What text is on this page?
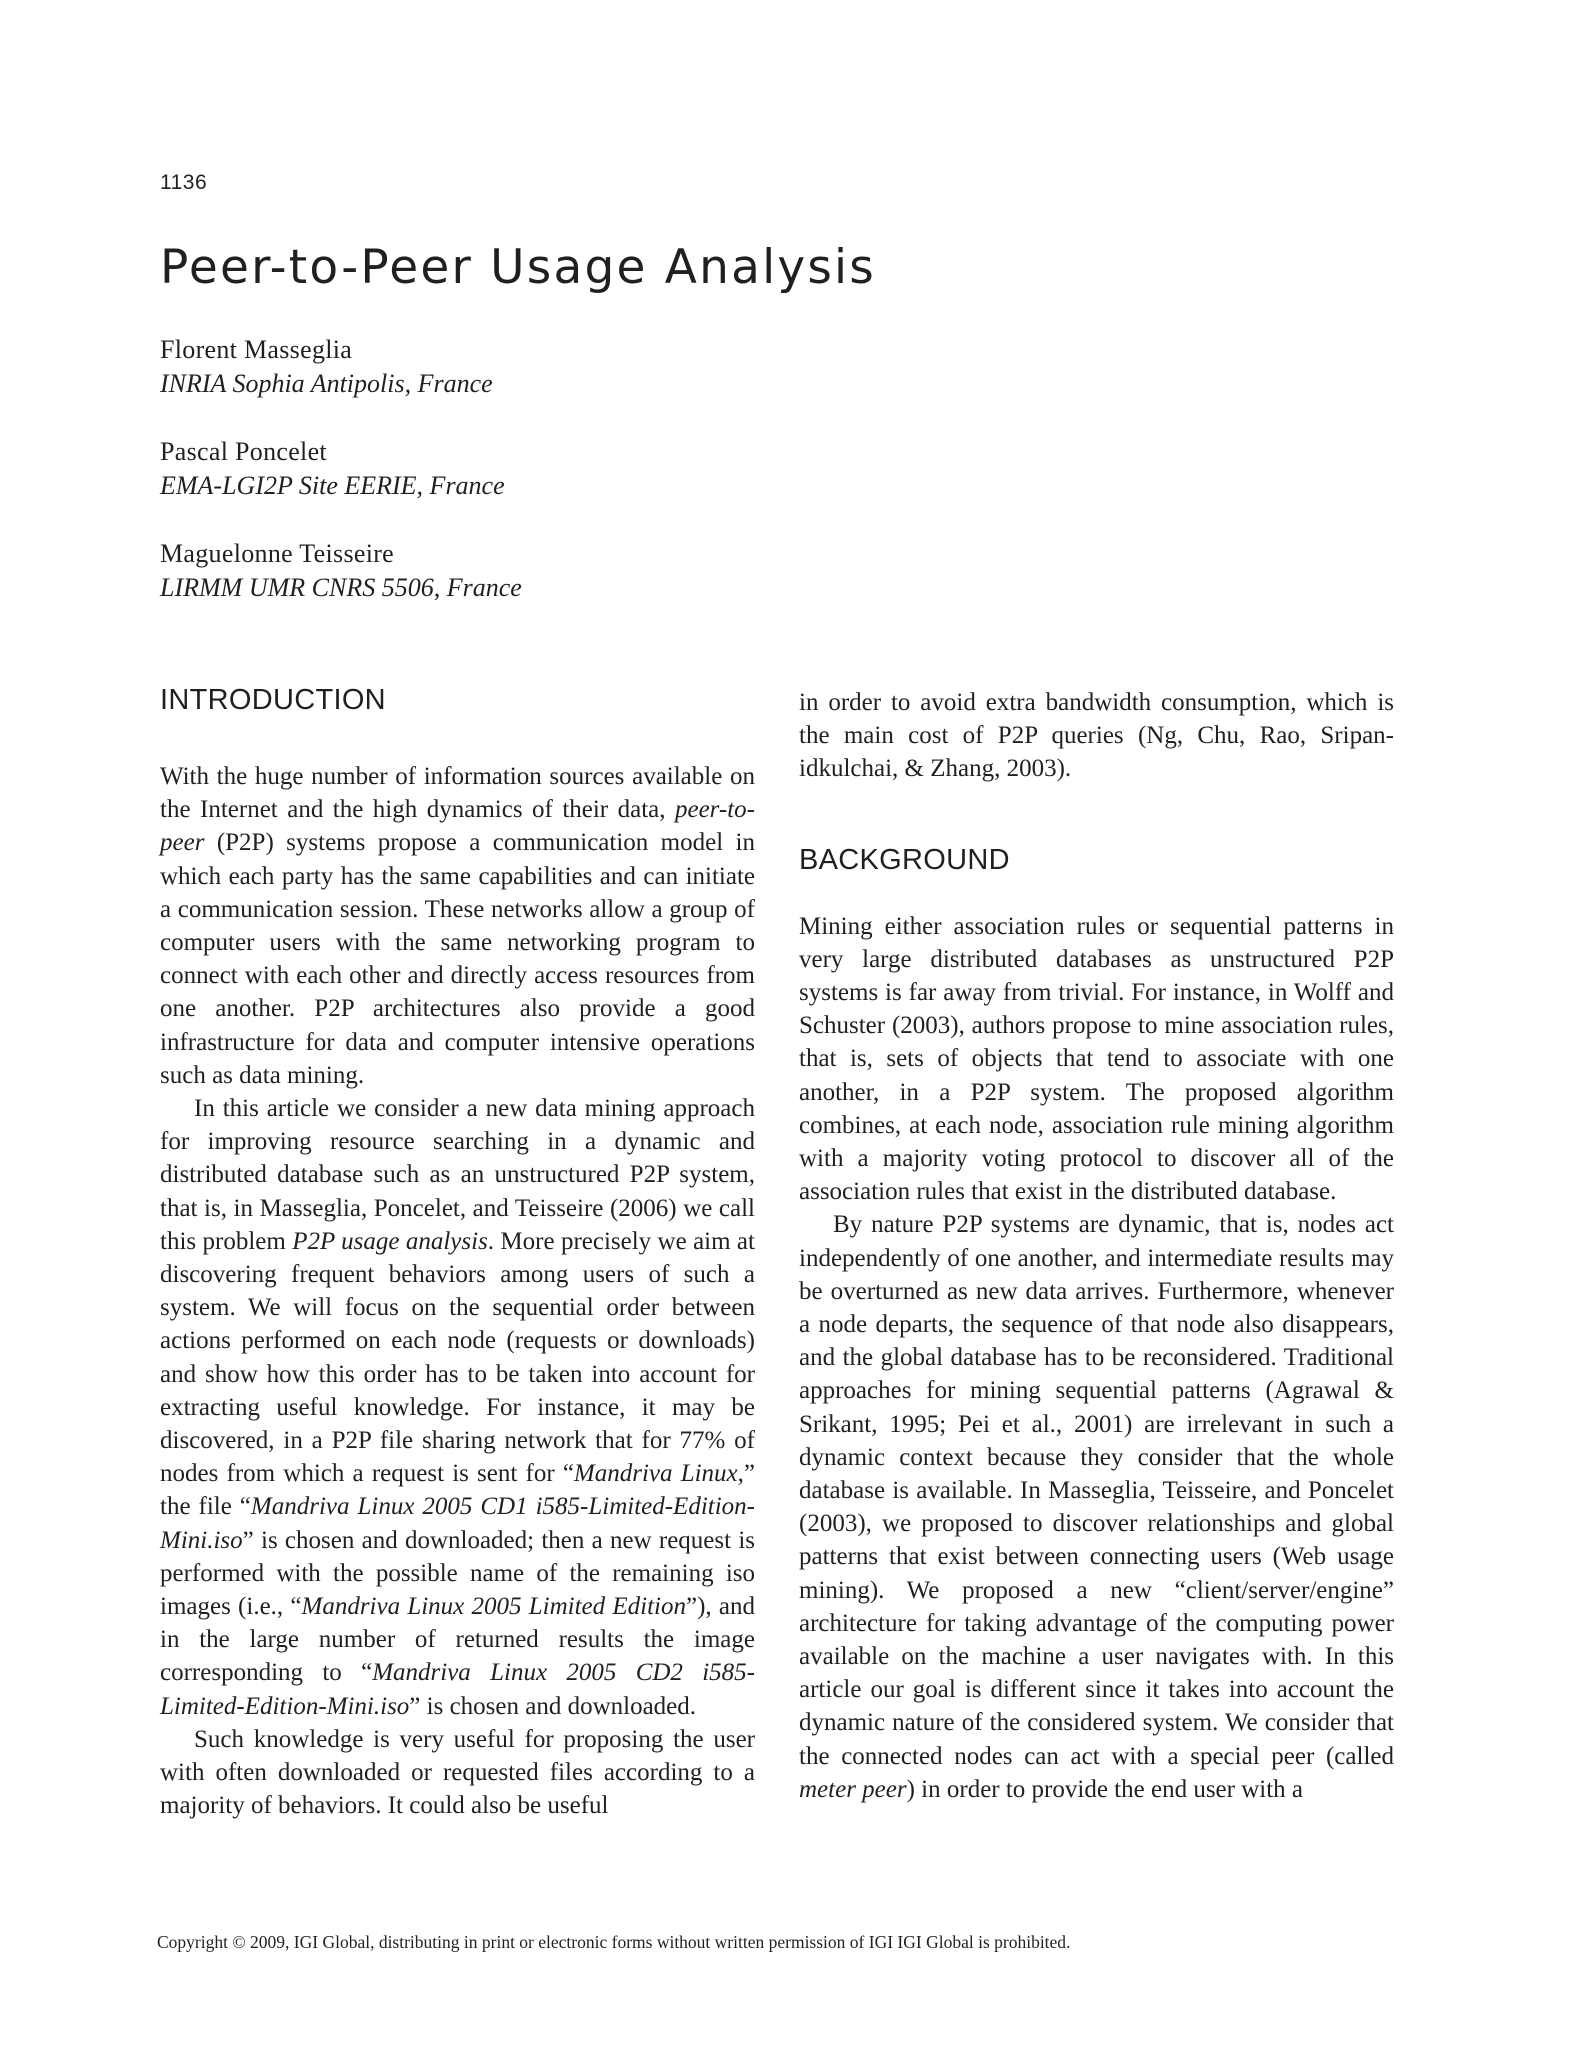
1136
Peer-to-Peer Usage Analysis
Florent Masseglia
INRIA Sophia Antipolis, France
Pascal Poncelet
EMA-LGI2P Site EERIE, France
Maguelonne Teisseire
LIRMM UMR CNRS 5506, France
INTRODUCTION

With the huge number of information sources available on the Internet and the high dynamics of their data, peer-to-peer (P2P) systems propose a communication model in which each party has the same capabilities and can initiate a communication session. These networks allow a group of computer users with the same networking program to connect with each other and directly access resources from one another. P2P architectures also provide a good infrastructure for data and computer intensive operations such as data mining.

In this article we consider a new data mining approach for improving resource searching in a dynamic and distributed database such as an unstructured P2P system, that is, in Masseglia, Poncelet, and Teisseire (2006) we call this problem P2P usage analysis. More precisely we aim at discovering frequent behaviors among users of such a system. We will focus on the sequential order between actions performed on each node (requests or downloads) and show how this order has to be taken into account for extracting useful knowledge. For instance, it may be discovered, in a P2P file sharing network that for 77% of nodes from which a request is sent for “Mandriva Linux,” the file “Mandriva Linux 2005 CD1 i585-Limited-Edition-Mini.iso” is chosen and downloaded; then a new request is performed with the possible name of the remaining iso images (i.e., “Mandriva Linux 2005 Limited Edition”), and in the large number of returned results the image corresponding to “Mandriva Linux 2005 CD2 i585-Limited-Edition-Mini.iso” is chosen and downloaded.

Such knowledge is very useful for proposing the user with often downloaded or requested files according to a majority of behaviors. It could also be useful

in order to avoid extra bandwidth consumption, which is the main cost of P2P queries (Ng, Chu, Rao, Sripanidkulchai, & Zhang, 2003).

BACKGROUND

Mining either association rules or sequential patterns in very large distributed databases as unstructured P2P systems is far away from trivial. For instance, in Wolff and Schuster (2003), authors propose to mine association rules, that is, sets of objects that tend to associate with one another, in a P2P system. The proposed algorithm combines, at each node, association rule mining algorithm with a majority voting protocol to discover all of the association rules that exist in the distributed database.

By nature P2P systems are dynamic, that is, nodes act independently of one another, and intermediate results may be overturned as new data arrives. Furthermore, whenever a node departs, the sequence of that node also disappears, and the global database has to be reconsidered. Traditional approaches for mining sequential patterns (Agrawal & Srikant, 1995; Pei et al., 2001) are irrelevant in such a dynamic context because they consider that the whole database is available. In Masseglia, Teisseire, and Poncelet (2003), we proposed to discover relationships and global patterns that exist between connecting users (Web usage mining). We proposed a new “client/server/engine” architecture for taking advantage of the computing power available on the machine a user navigates with. In this article our goal is different since it takes into account the dynamic nature of the considered system. We consider that the connected nodes can act with a special peer (called meter peer) in order to provide the end user with a

Copyright © 2009, IGI Global, distributing in print or electronic forms without written permission of IGI IGI Global is prohibited.
